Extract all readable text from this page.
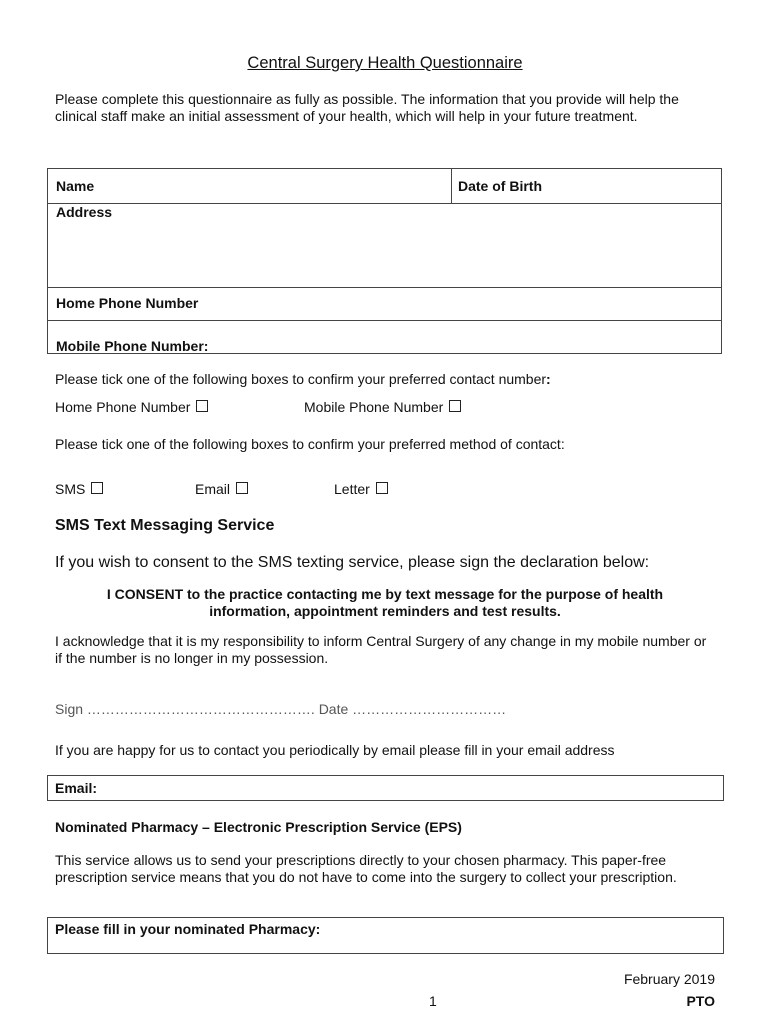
Central Surgery Health Questionnaire
Please complete this questionnaire as fully as possible. The information that you provide will help the clinical staff make an initial assessment of your health, which will help in your future treatment.
Name	Date of Birth
Address
Home Phone Number
Mobile Phone Number:
Please tick one of the following boxes to confirm your preferred contact number:
Home Phone Number	Mobile Phone Number
Please tick one of the following boxes to confirm your preferred method of contact:
SMS	Email	Letter
SMS Text Messaging Service
If you wish to consent to the SMS texting service, please sign the declaration below:
I CONSENT to the practice contacting me by text message for the purpose of health
information, appointment reminders and test results.
I acknowledge that it is my responsibility to inform Central Surgery of any change in my mobile number or if the number is no longer in my possession.
Sign …………………………………………. Date ……………………………
If you are happy for us to contact you periodically by email please fill in your email address
Email:
Nominated Pharmacy – Electronic Prescription Service (EPS)
This service allows us to send your prescriptions directly to your chosen pharmacy. This paper-free prescription service means that you do not have to come into the surgery to collect your prescription.
Please fill in your nominated Pharmacy:
February 2019
1	PTO
